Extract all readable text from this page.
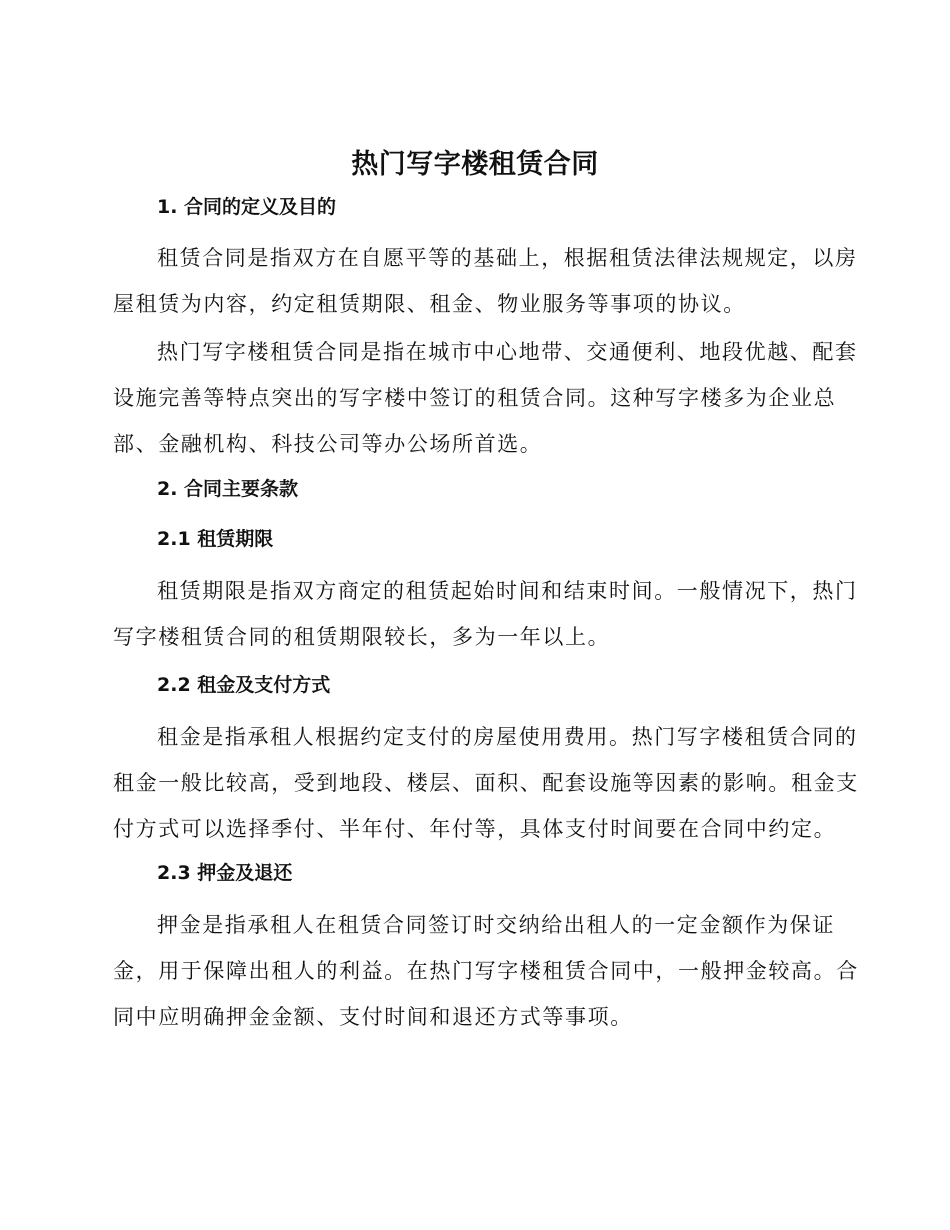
热门写字楼租赁合同
1. 合同的定义及目的
租赁合同是指双方在自愿平等的基础上，根据租赁法律法规规定，以房
屋租赁为内容，约定租赁期限、租金、物业服务等事项的协议。
热门写字楼租赁合同是指在城市中心地带、交通便利、地段优越、配套
设施完善等特点突出的写字楼中签订的租赁合同。这种写字楼多为企业总
部、金融机构、科技公司等办公场所首选。
2. 合同主要条款
2.1 租赁期限
租赁期限是指双方商定的租赁起始时间和结束时间。一般情况下，热门
写字楼租赁合同的租赁期限较长，多为一年以上。
2.2 租金及支付方式
租金是指承租人根据约定支付的房屋使用费用。热门写字楼租赁合同的
租金一般比较高，受到地段、楼层、面积、配套设施等因素的影响。租金支
付方式可以选择季付、半年付、年付等，具体支付时间要在合同中约定。
2.3 押金及退还
押金是指承租人在租赁合同签订时交纳给出租人的一定金额作为保证
金，用于保障出租人的利益。在热门写字楼租赁合同中，一般押金较高。合
同中应明确押金金额、支付时间和退还方式等事项。
